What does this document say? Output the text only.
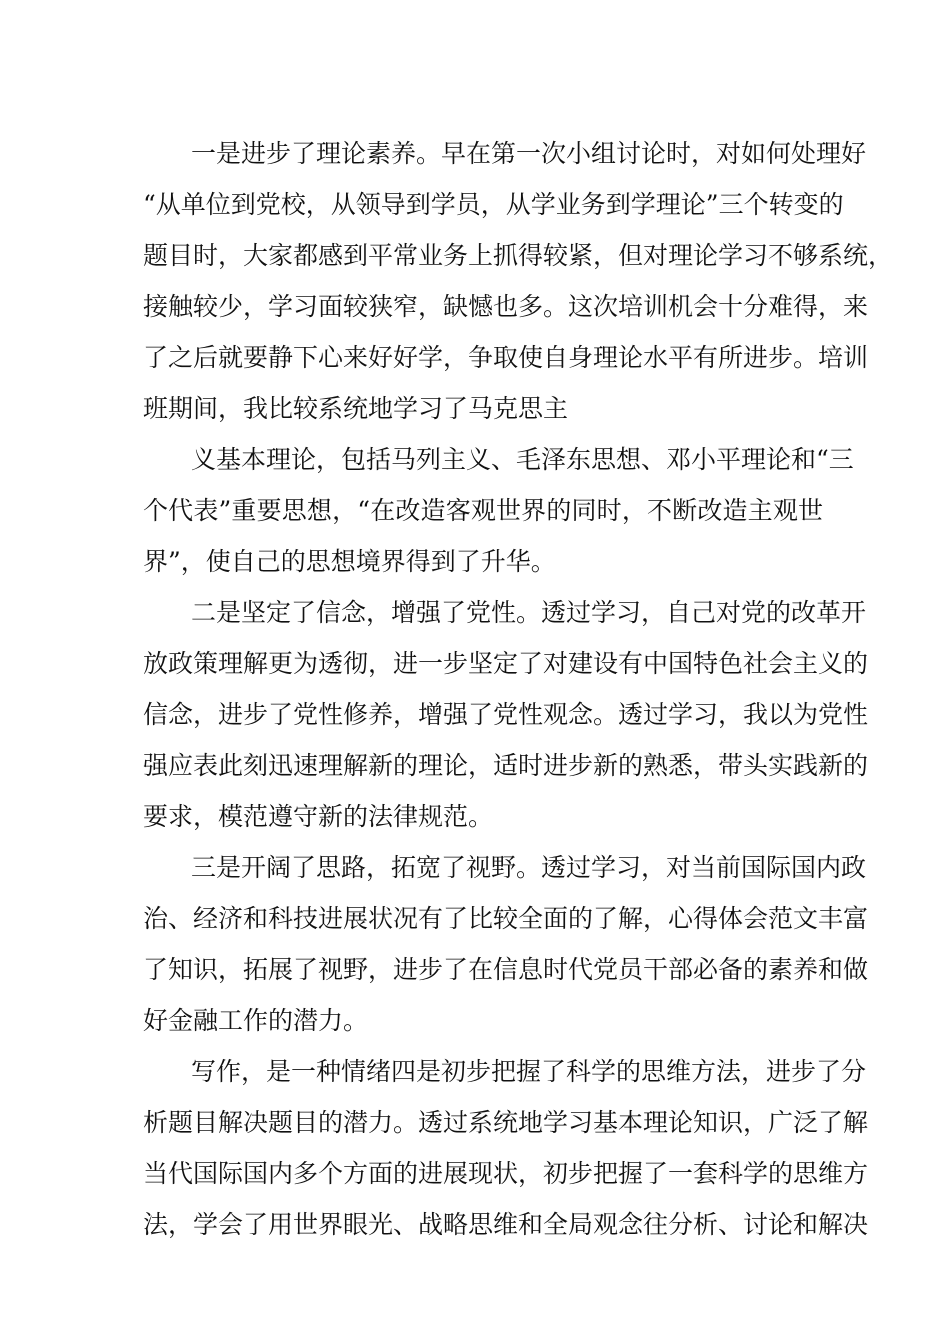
一是进步了理论素养。早在第一次小组讨论时，对如何处理好
“从单位到党校，从领导到学员，从学业务到学理论”三个转变的
题目时，大家都感到平常业务上抓得较紧，但对理论学习不够系统，
接触较少，学习面较狭窄，缺憾也多。这次培训机会十分难得，来
了之后就要静下心来好好学，争取使自身理论水平有所进步。培训
班期间，我比较系统地学习了马克思主
义基本理论，包括马列主义、毛泽东思想、邓小平理论和“三
个代表”重要思想，“在改造客观世界的同时，不断改造主观世
界”，使自己的思想境界得到了升华。
二是坚定了信念，增强了党性。透过学习，自己对党的改革开
放政策理解更为透彻，进一步坚定了对建设有中国特色社会主义的
信念，进步了党性修养，增强了党性观念。透过学习，我以为党性
强应表此刻迅速理解新的理论，适时进步新的熟悉，带头实践新的
要求，模范遵守新的法律规范。
三是开阔了思路，拓宽了视野。透过学习，对当前国际国内政
治、经济和科技进展状况有了比较全面的了解，心得体会范文丰富
了知识，拓展了视野，进步了在信息时代党员干部必备的素养和做
好金融工作的潜力。
写作，是一种情绪四是初步把握了科学的思维方法，进步了分
析题目解决题目的潜力。透过系统地学习基本理论知识，广泛了解
当代国际国内多个方面的进展现状，初步把握了一套科学的思维方
法，学会了用世界眼光、战略思维和全局观念往分析、讨论和解决
